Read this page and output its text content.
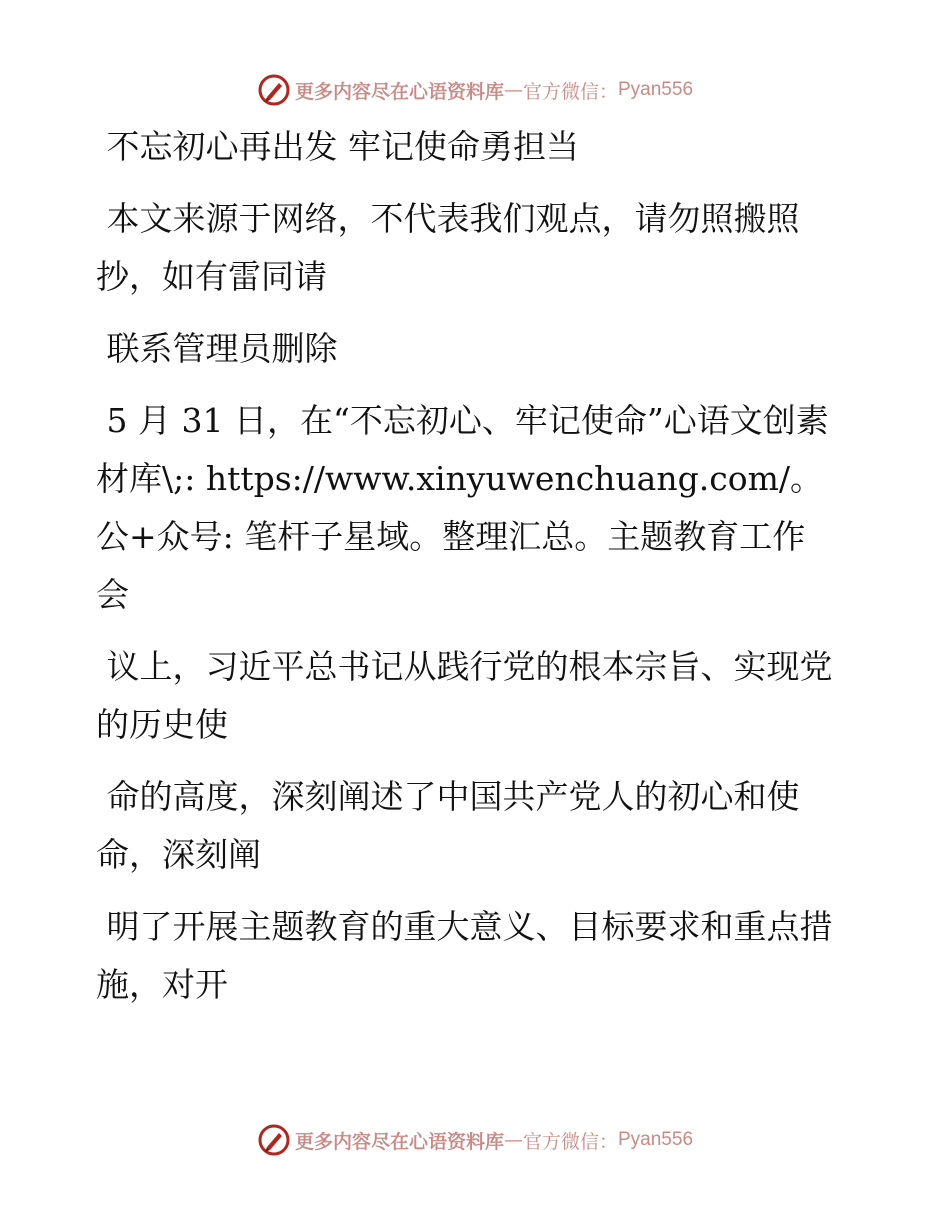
更多内容尽在心语资料库 — 官方微信： Pyan556

不忘初心再出发 牢记使命勇担当

本文来源于网络，不代表我们观点，请勿照搬照抄，如有雷同请

联系管理员删除

5 月 31 日，在“不忘初心、牢记使命”心语文创素材库\;: https://www.xinyuwenchuang.com/。公+众号: 笔杆子星域。整理汇总。主题教育工作会

议上，习近平总书记从践行党的根本宗旨、实现党的历史使

命的高度，深刻阐述了中国共产党人的初心和使命，深刻阐

明了开展主题教育的重大意义、目标要求和重点措施，对开

更多内容尽在心语资料库 — 官方微信： Pyan556
